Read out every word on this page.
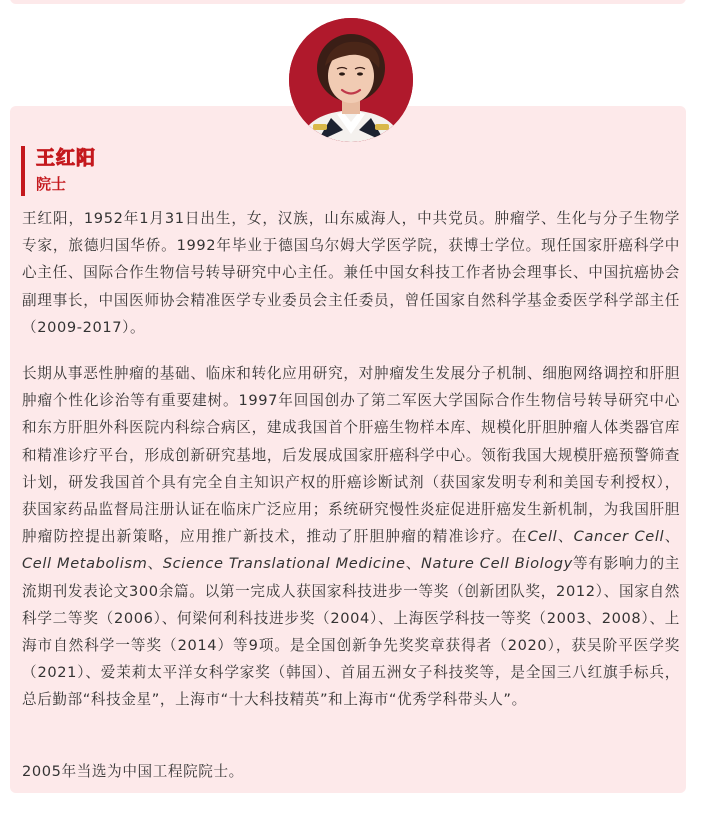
王红阳
院士

王红阳，1952年1月31日出生，女，汉族，山东威海人，中共党员。肿瘤学、生化与分子生物学专家，旅德归国华侨。1992年毕业于德国乌尔姆大学医学院，获博士学位。现任国家肝癌科学中心主任、国际合作生物信号转导研究中心主任。兼任中国女科技工作者协会理事长、中国抗癌协会副理事长，中国医师协会精准医学专业委员会主任委员，曾任国家自然科学基金委医学科学部主任（2009-2017）。

长期从事恶性肿瘤的基础、临床和转化应用研究，对肿瘤发生发展分子机制、细胞网络调控和肝胆肿瘤个性化诊治等有重要建树。1997年回国创办了第二军医大学国际合作生物信号转导研究中心和东方肝胆外科医院内科综合病区，建成我国首个肝癌生物样本库、规模化肝胆肿瘤人体类器官库和精准诊疗平台，形成创新研究基地，后发展成国家肝癌科学中心。领衔我国大规模肝癌预警筛查计划，研发我国首个具有完全自主知识产权的肝癌诊断试剂（获国家发明专利和美国专利授权），获国家药品监督局注册认证在临床广泛应用；系统研究慢性炎症促进肝癌发生新机制，为我国肝胆肿瘤防控提出新策略，应用推广新技术，推动了肝胆肿瘤的精准诊疗。在Cell、Cancer Cell、Cell Metabolism、Science Translational Medicine、Nature Cell Biology等有影响力的主流期刊发表论文300余篇。以第一完成人获国家科技进步一等奖（创新团队奖，2012）、国家自然科学二等奖（2006）、何梁何利科技进步奖（2004）、上海医学科技一等奖（2003、2008）、上海市自然科学一等奖（2014）等9项。是全国创新争先奖奖章获得者（2020），获吴阶平医学奖（2021）、爱茉莉太平洋女科学家奖（韩国）、首届五洲女子科技奖等，是全国三八红旗手标兵，总后勤部“科技金星”，上海市“十大科技精英”和上海市“优秀学科带头人”。

2005年当选为中国工程院院士。
